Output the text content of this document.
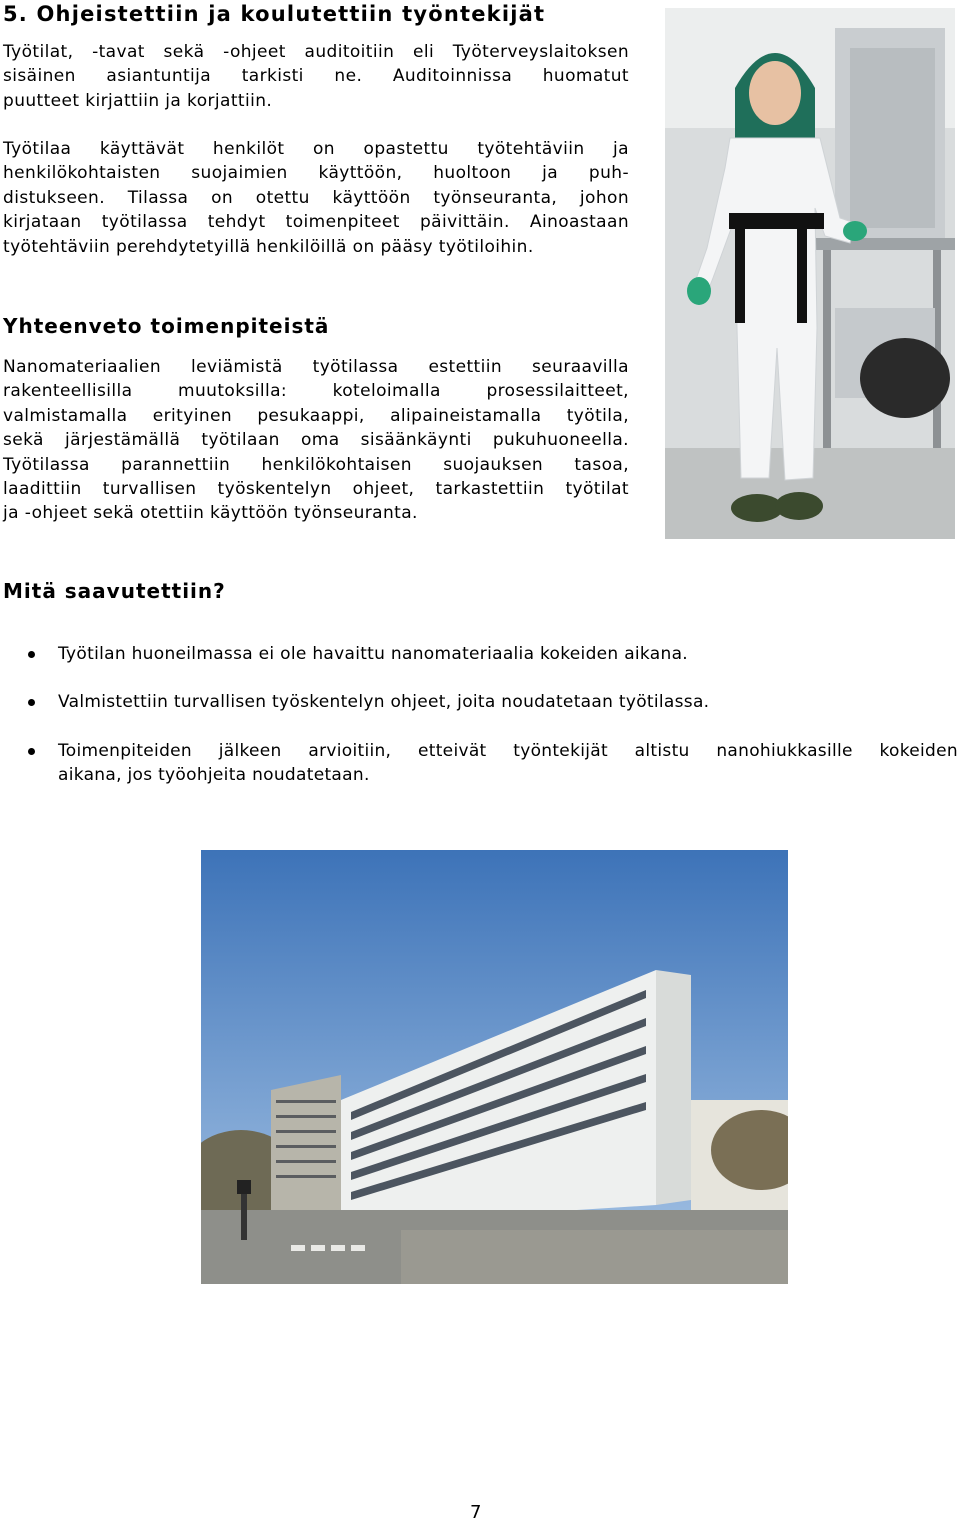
5. Ohjeistettiin ja koulutettiin työntekijät
Työtilat, -tavat sekä -ohjeet auditoitiin eli Työterveyslaitoksen
sisäinen asiantuntija tarkisti ne. Auditoinnissa huomatut
puutteet kirjattiin ja korjattiin.
Työtilaa käyttävät henkilöt on opastettu työtehtäviin ja
henkilökohtaisten suojaimien käyttöön, huoltoon ja puh-
distukseen. Tilassa on otettu käyttöön työnseuranta, johon
kirjataan työtilassa tehdyt toimenpiteet päivittäin. Ainoastaan
työtehtäviin perehdytetyillä henkilöillä on pääsy työtiloihin.
Yhteenveto toimenpiteistä
Nanomateriaalien leviämistä työtilassa estettiin seuraavilla
rakenteellisilla muutoksilla: koteloimalla prosessilaitteet,
valmistamalla erityinen pesukaappi, alipaineistamalla työtila,
sekä järjestämällä työtilaan oma sisäänkäynti pukuhuoneella.
Työtilassa parannettiin henkilökohtaisen suojauksen tasoa,
laadittiin turvallisen työskentelyn ohjeet, tarkastettiin työtilat
ja -ohjeet sekä otettiin käyttöön työnseuranta.
Mitä saavutettiin?
Työtilan huoneilmassa ei ole havaittu nanomateriaalia kokeiden aikana.
Valmistettiin turvallisen työskentelyn ohjeet, joita noudatetaan työtilassa.
Toimenpiteiden jälkeen arvioitiin, etteivät työntekijät altistu nanohiukkasille kokeiden
aikana, jos työohjeita noudatetaan.
7
